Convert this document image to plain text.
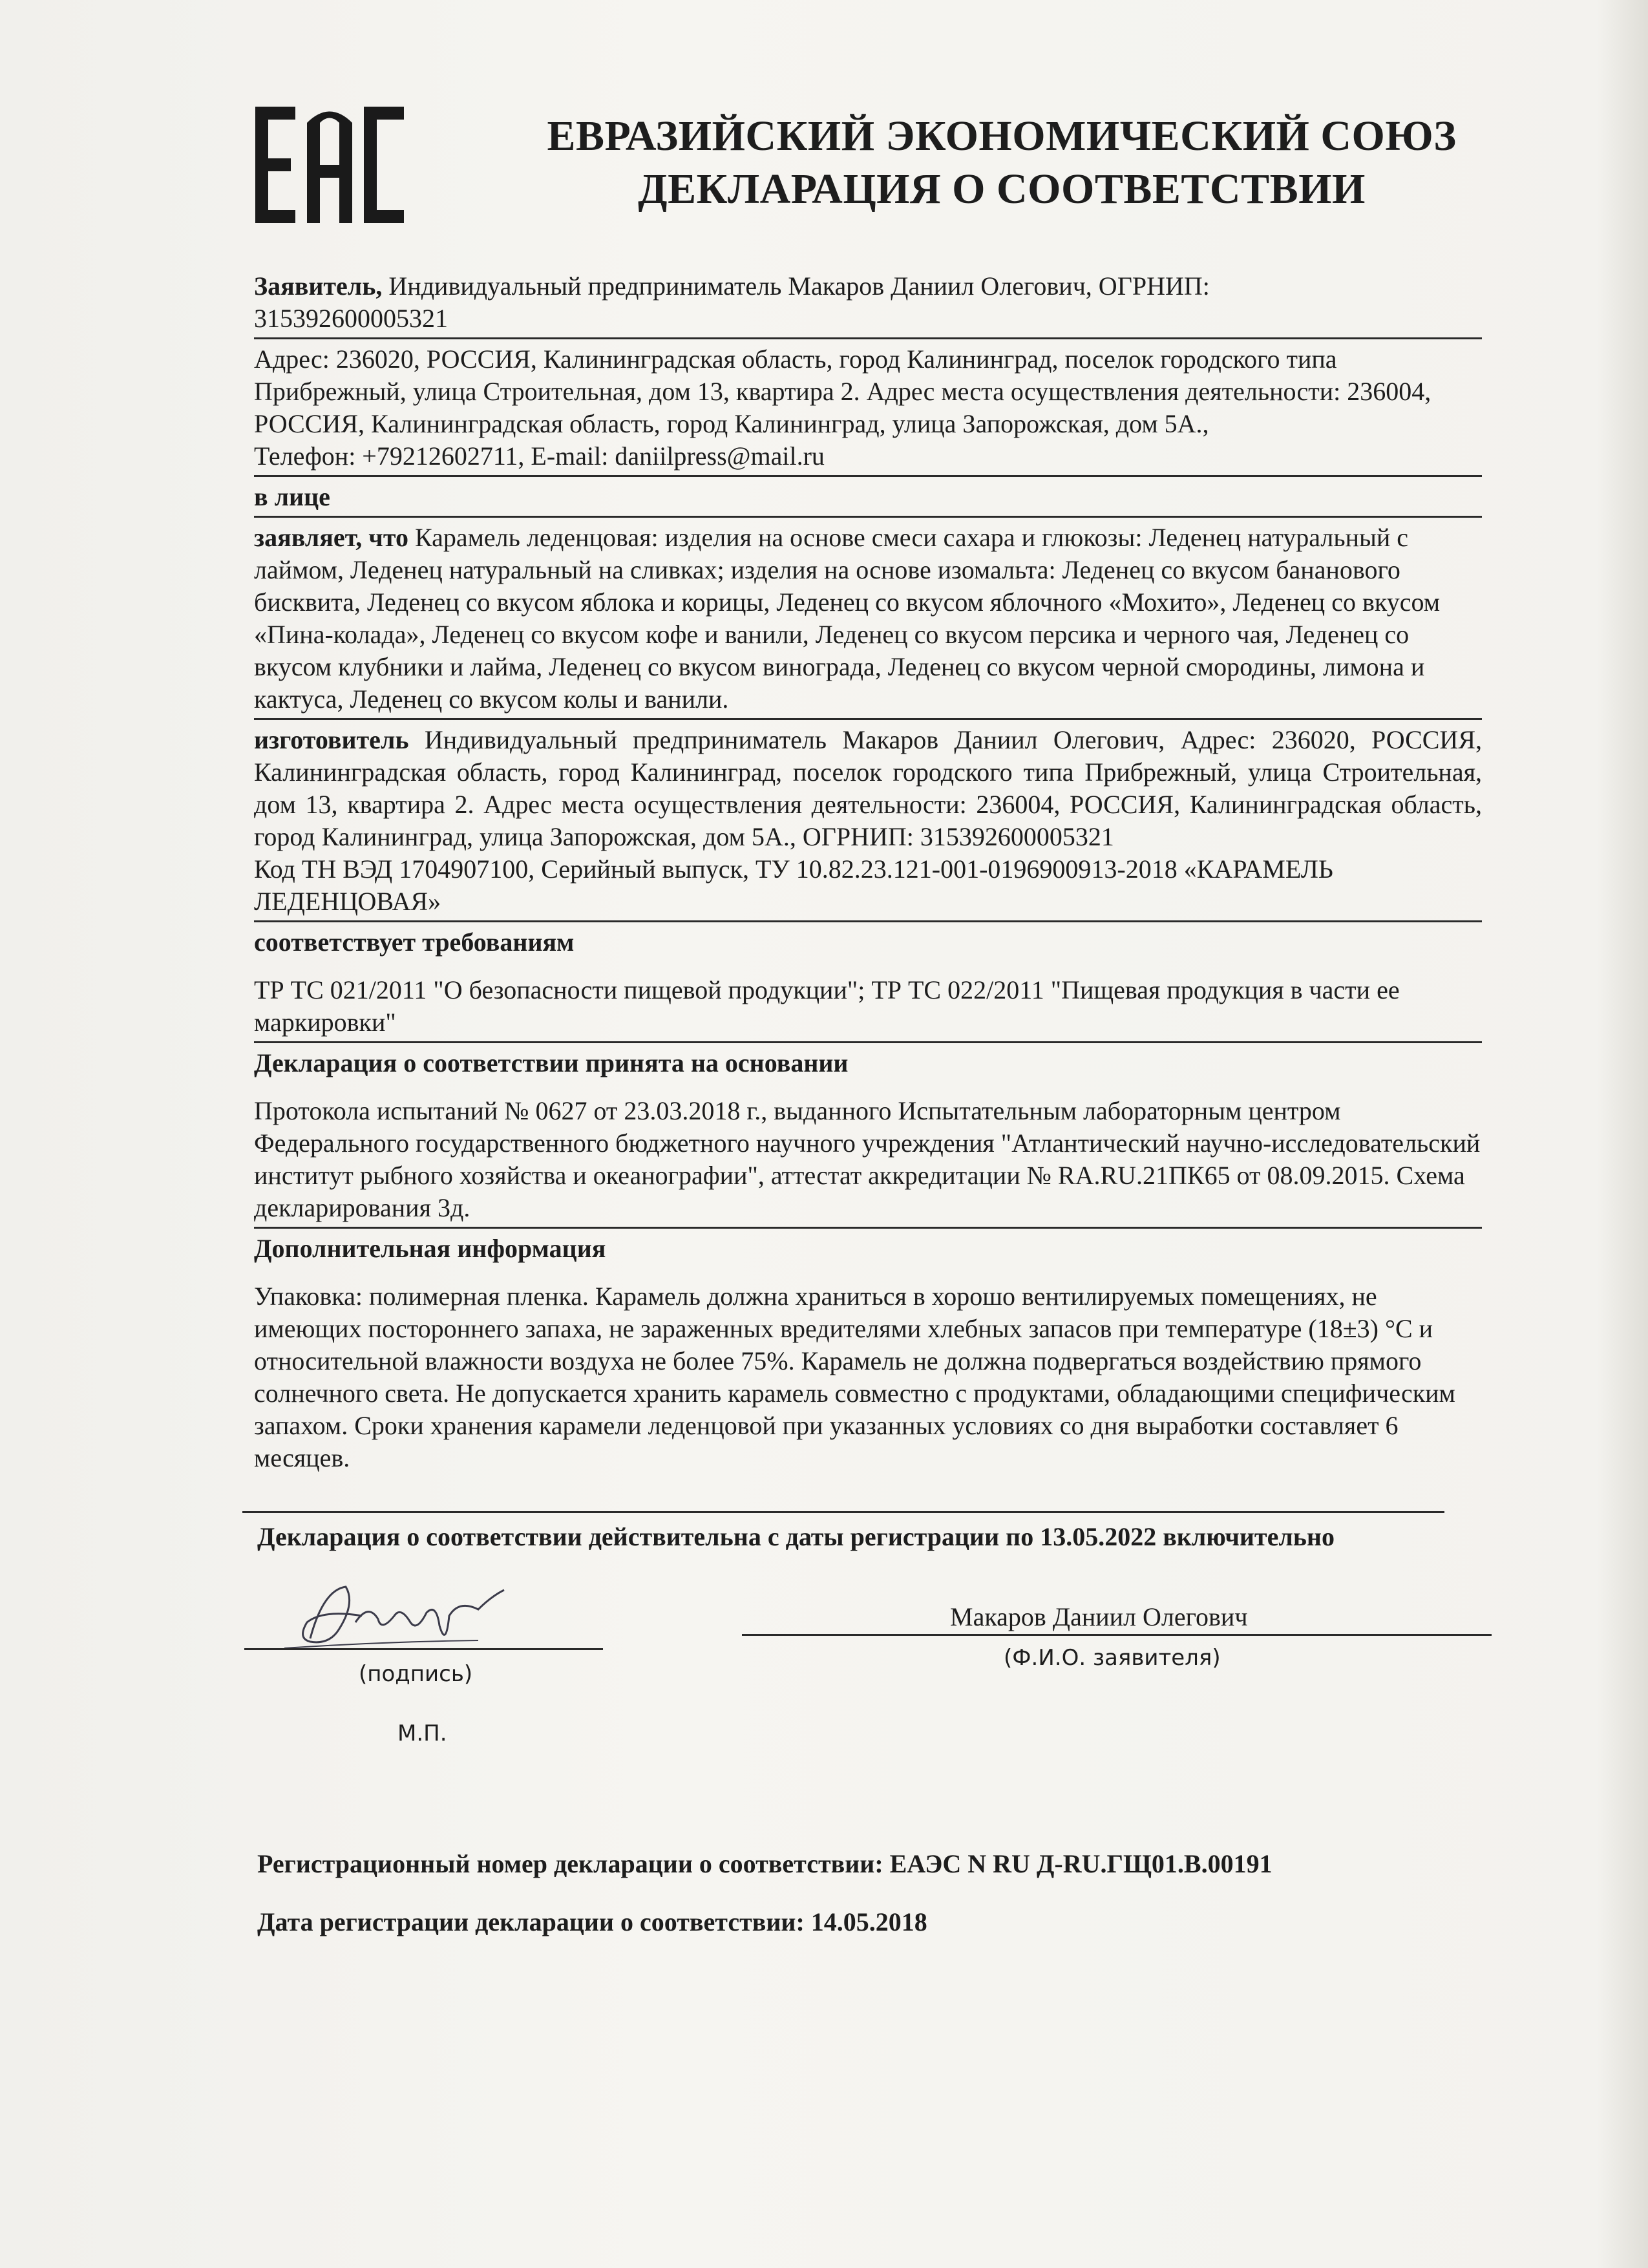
ЕВРАЗИЙСКИЙ ЭКОНОМИЧЕСКИЙ СОЮЗ
ДЕКЛАРАЦИЯ О СООТВЕТСТВИИ

Заявитель, Индивидуальный предприниматель Макаров Даниил Олегович, ОГРНИП:
315392600005321

Адрес: 236020, РОССИЯ, Калининградская область, город Калининград, поселок городского типа Прибрежный, улица Строительная, дом 13, квартира 2. Адрес места осуществления деятельности: 236004, РОССИЯ, Калининградская область, город Калининград, улица Запорожская, дом 5А.,

Телефон: +79212602711, E-mail: daniilpress@mail.ru

в лице

заявляет, что Карамель леденцовая: изделия на основе смеси сахара и глюкозы: Леденец натуральный с лаймом, Леденец натуральный на сливках; изделия на основе изомальта: Леденец со вкусом бананового бисквита, Леденец со вкусом яблока и корицы, Леденец со вкусом яблочного «Мохито», Леденец со вкусом «Пина-колада», Леденец со вкусом кофе и ванили, Леденец со вкусом персика и черного чая, Леденец со вкусом клубники и лайма, Леденец со вкусом винограда, Леденец со вкусом черной смородины, лимона и кактуса, Леденец со вкусом колы и ванили.

изготовитель Индивидуальный предприниматель Макаров Даниил Олегович, Адрес: 236020, РОССИЯ, Калининградская область, город Калининград, поселок городского типа Прибрежный, улица Строительная, дом 13, квартира 2. Адрес места осуществления деятельности: 236004, РОССИЯ, Калининградская область, город Калининград, улица Запорожская, дом 5А., ОГРНИП: 315392600005321

Код ТН ВЭД 1704907100, Серийный выпуск, ТУ 10.82.23.121-001-0196900913-2018 «КАРАМЕЛЬ ЛЕДЕНЦОВАЯ»

соответствует требованиям

ТР ТС 021/2011 "О безопасности пищевой продукции"; ТР ТС 022/2011 "Пищевая продукция в части ее маркировки"

Декларация о соответствии принята на основании

Протокола испытаний № 0627 от 23.03.2018 г., выданного Испытательным лабораторным центром Федерального государственного бюджетного научного учреждения "Атлантический научно-исследовательский институт рыбного хозяйства и океанографии", аттестат аккредитации № RA.RU.21ПК65 от 08.09.2015. Схема декларирования 3д.

Дополнительная информация

Упаковка: полимерная пленка. Карамель должна храниться в хорошо вентилируемых помещениях, не имеющих постороннего запаха, не зараженных вредителями хлебных запасов при температуре (18±3) °С и относительной влажности воздуха не более 75%. Карамель не должна подвергаться воздействию прямого солнечного света. Не допускается хранить карамель совместно с продуктами, обладающими специфическим запахом. Сроки хранения карамели леденцовой при указанных условиях со дня выработки составляет 6 месяцев.

Декларация о соответствии действительна с даты регистрации по 13.05.2022 включительно
Макаров Даниил Олегович
(подпись)
(Ф.И.О. заявителя)
М.П.
Регистрационный номер декларации о соответствии: ЕАЭС N RU Д-RU.ГЩ01.В.00191
Дата регистрации декларации о соответствии: 14.05.2018
